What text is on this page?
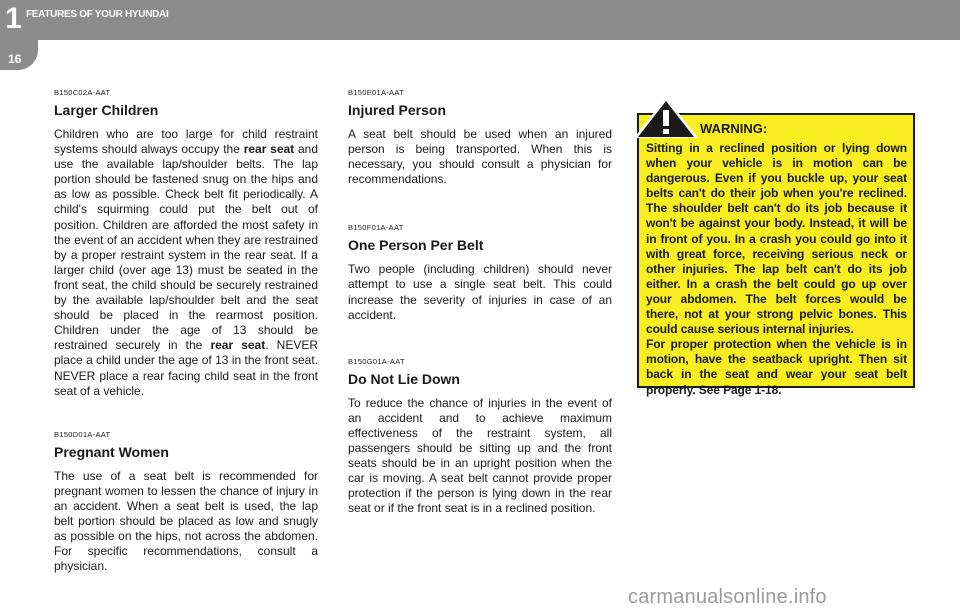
1 FEATURES OF YOUR HYUNDAI
16

B150C02A-AAT

Larger Children

Children who are too large for child restraint systems should always occupy the rear seat and use the available lap/shoulder belts. The lap portion should be fastened snug on the hips and as low as possible. Check belt fit periodically. A child's squirming could put the belt out of position. Children are afforded the most safety in the event of an accident when they are restrained by a proper restraint system in the rear seat. If a larger child (over age 13) must be seated in the front seat, the child should be securely restrained by the available lap/shoulder belt and the seat should be placed in the rearmost position. Children under the age of 13 should be restrained securely in the rear seat. NEVER place a child under the age of 13 in the front seat. NEVER place a rear facing child seat in the front seat of a vehicle.

B150D01A-AAT

Pregnant Women

The use of a seat belt is recommended for pregnant women to lessen the chance of injury in an accident. When a seat belt is used, the lap belt portion should be placed as low and snugly as possible on the hips, not across the abdomen. For specific recommendations, consult a physician.

B150E01A-AAT

Injured Person

A seat belt should be used when an injured person is being transported. When this is necessary, you should consult a physician for recommendations.

B150F01A-AAT

One Person Per Belt

Two people (including children) should never attempt to use a single seat belt. This could increase the severity of injuries in case of an accident.

B150G01A-AAT

Do Not Lie Down

To reduce the chance of injuries in the event of an accident and to achieve maximum effectiveness of the restraint system, all passengers should be sitting up and the front seats should be in an upright position when the car is moving. A seat belt cannot provide proper protection if the person is lying down in the rear seat or if the front seat is in a reclined position.

Sitting in a reclined position or lying down when your vehicle is in motion can be dangerous. Even if you buckle up, your seat belts can't do their job when you're reclined. The shoulder belt can't do its job because it won't be against your body. Instead, it will be in front of you. In a crash you could go into it with great force, receiving serious neck or other injuries. The lap belt can't do its job either. In a crash the belt could go up over your abdomen. The belt forces would be there, not at your strong pelvic bones. This could cause serious internal injuries.
For proper protection when the vehicle is in motion, have the seatback upright. Then sit back in the seat and wear your seat belt properly. See Page 1-18.
WARNING:
carmanualsonline.info
